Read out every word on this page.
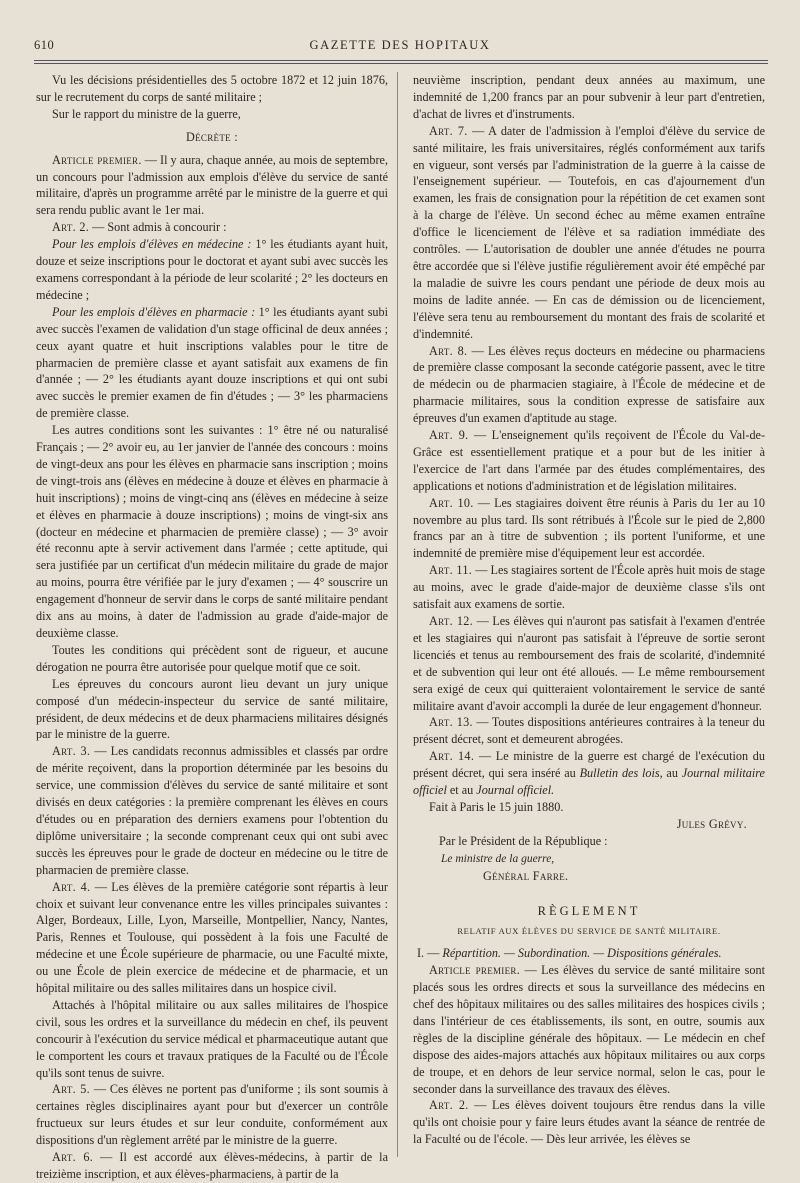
610	GAZETTE DES HOPITAUX

Vu les décisions présidentielles des 5 octobre 1872 et 12 juin 1876, sur le recrutement du corps de santé militaire ;

Sur le rapport du ministre de la guerre,

Décrète :

Article premier. — Il y aura, chaque année, au mois de septembre, un concours pour l'admission aux emplois d'élève du service de santé militaire, d'après un programme arrêté par le ministre de la guerre et qui sera rendu public avant le 1er mai.

Art. 2. — Sont admis à concourir :

Pour les emplois d'élèves en médecine : 1° les étudiants ayant huit, douze et seize inscriptions pour le doctorat et ayant subi avec succès les examens correspondant à la période de leur scolarité ; 2° les docteurs en médecine ;

Pour les emplois d'élèves en pharmacie : 1° les étudiants ayant subi avec succès l'examen de validation d'un stage officinal de deux années ; ceux ayant quatre et huit inscriptions valables pour le titre de pharmacien de première classe et ayant satisfait aux examens de fin d'année ; — 2° les étudiants ayant douze inscriptions et qui ont subi avec succès le premier examen de fin d'études ; — 3° les pharmaciens de première classe.

Les autres conditions sont les suivantes : 1° être né ou naturalisé Français ; — 2° avoir eu, au 1er janvier de l'année des concours : moins de vingt-deux ans pour les élèves en pharmacie sans inscription ; moins de vingt-trois ans (élèves en médecine à douze et élèves en pharmacie à huit inscriptions) ; moins de vingt-cinq ans (élèves en médecine à seize et élèves en pharmacie à douze inscriptions) ; moins de vingt-six ans (docteur en médecine et pharmacien de première classe) ; — 3° avoir été reconnu apte à servir activement dans l'armée ; cette aptitude, qui sera justifiée par un certificat d'un médecin militaire du grade de major au moins, pourra être vérifiée par le jury d'examen ; — 4° souscrire un engagement d'honneur de servir dans le corps de santé militaire pendant dix ans au moins, à dater de l'admission au grade d'aide-major de deuxième classe.

Toutes les conditions qui précèdent sont de rigueur, et aucune dérogation ne pourra être autorisée pour quelque motif que ce soit.

Les épreuves du concours auront lieu devant un jury unique composé d'un médecin-inspecteur du service de santé militaire, président, de deux médecins et de deux pharmaciens militaires désignés par le ministre de la guerre.

Art. 3. — Les candidats reconnus admissibles et classés par ordre de mérite reçoivent, dans la proportion déterminée par les besoins du service, une commission d'élèves du service de santé militaire et sont divisés en deux catégories : la première comprenant les élèves en cours d'études ou en préparation des derniers examens pour l'obtention du diplôme universitaire ; la seconde comprenant ceux qui ont subi avec succès les épreuves pour le grade de docteur en médecine ou le titre de pharmacien de première classe.

Art. 4. — Les élèves de la première catégorie sont répartis à leur choix et suivant leur convenance entre les villes principales suivantes : Alger, Bordeaux, Lille, Lyon, Marseille, Montpellier, Nancy, Nantes, Paris, Rennes et Toulouse, qui possèdent à la fois une Faculté de médecine et une École supérieure de pharmacie, ou une Faculté mixte, ou une École de plein exercice de médecine et de pharmacie, et un hôpital militaire ou des salles militaires dans un hospice civil.

Attachés à l'hôpital militaire ou aux salles militaires de l'hospice civil, sous les ordres et la surveillance du médecin en chef, ils peuvent concourir à l'exécution du service médical et pharmaceutique autant que le comportent les cours et travaux pratiques de la Faculté ou de l'École qu'ils sont tenus de suivre.

Art. 5. — Ces élèves ne portent pas d'uniforme ; ils sont soumis à certaines règles disciplinaires ayant pour but d'exercer un contrôle fructueux sur leurs études et sur leur conduite, conformément aux dispositions d'un règlement arrêté par le ministre de la guerre.

Art. 6. — Il est accordé aux élèves-médecins, à partir de la treizième inscription, et aux élèves-pharmaciens, à partir de la

neuvième inscription, pendant deux années au maximum, une indemnité de 1,200 francs par an pour subvenir à leur part d'entretien, d'achat de livres et d'instruments.

Art. 7. — A dater de l'admission à l'emploi d'élève du service de santé militaire, les frais universitaires, réglés conformément aux tarifs en vigueur, sont versés par l'administration de la guerre à la caisse de l'enseignement supérieur. — Toutefois, en cas d'ajournement d'un examen, les frais de consignation pour la répétition de cet examen sont à la charge de l'élève. Un second échec au même examen entraîne d'office le licenciement de l'élève et sa radiation immédiate des contrôles. — L'autorisation de doubler une année d'études ne pourra être accordée que si l'élève justifie régulièrement avoir été empêché par la maladie de suivre les cours pendant une période de deux mois au moins de ladite année. — En cas de démission ou de licenciement, l'élève sera tenu au remboursement du montant des frais de scolarité et d'indemnité.

Art. 8. — Les élèves reçus docteurs en médecine ou pharmaciens de première classe composant la seconde catégorie passent, avec le titre de médecin ou de pharmacien stagiaire, à l'École de médecine et de pharmacie militaires, sous la condition expresse de satisfaire aux épreuves d'un examen d'aptitude au stage.

Art. 9. — L'enseignement qu'ils reçoivent de l'École du Val-de-Grâce est essentiellement pratique et a pour but de les initier à l'exercice de l'art dans l'armée par des études complémentaires, des applications et notions d'administration et de législation militaires.

Art. 10. — Les stagiaires doivent être réunis à Paris du 1er au 10 novembre au plus tard. Ils sont rétribués à l'École sur le pied de 2,800 francs par an à titre de subvention ; ils portent l'uniforme, et une indemnité de première mise d'équipement leur est accordée.

Art. 11. — Les stagiaires sortent de l'École après huit mois de stage au moins, avec le grade d'aide-major de deuxième classe s'ils ont satisfait aux examens de sortie.

Art. 12. — Les élèves qui n'auront pas satisfait à l'examen d'entrée et les stagiaires qui n'auront pas satisfait à l'épreuve de sortie seront licenciés et tenus au remboursement des frais de scolarité, d'indemnité et de subvention qui leur ont été alloués. — Le même remboursement sera exigé de ceux qui quitteraient volontairement le service de santé militaire avant d'avoir accompli la durée de leur engagement d'honneur.

Art. 13. — Toutes dispositions antérieures contraires à la teneur du présent décret, sont et demeurent abrogées.

Art. 14. — Le ministre de la guerre est chargé de l'exécution du présent décret, qui sera inséré au Bulletin des lois, au Journal militaire officiel et au Journal officiel.

Fait à Paris le 15 juin 1880.

Jules Grévy.

Par le Président de la République :

Le ministre de la guerre,

Général Farre.

RÈGLEMENT

RELATIF AUX ÉLÈVES DU SERVICE DE SANTÉ MILITAIRE.

I. — Répartition. — Subordination. — Dispositions générales.

Article premier. — Les élèves du service de santé militaire sont placés sous les ordres directs et sous la surveillance des médecins en chef des hôpitaux militaires ou des salles militaires des hospices civils ; dans l'intérieur de ces établissements, ils sont, en outre, soumis aux règles de la discipline générale des hôpitaux. — Le médecin en chef dispose des aides-majors attachés aux hôpitaux militaires ou aux corps de troupe, et en dehors de leur service normal, selon le cas, pour le seconder dans la surveillance des travaux des élèves.

Art. 2. — Les élèves doivent toujours être rendus dans la ville qu'ils ont choisie pour y faire leurs études avant la séance de rentrée de la Faculté ou de l'école. — Dès leur arrivée, les élèves se
